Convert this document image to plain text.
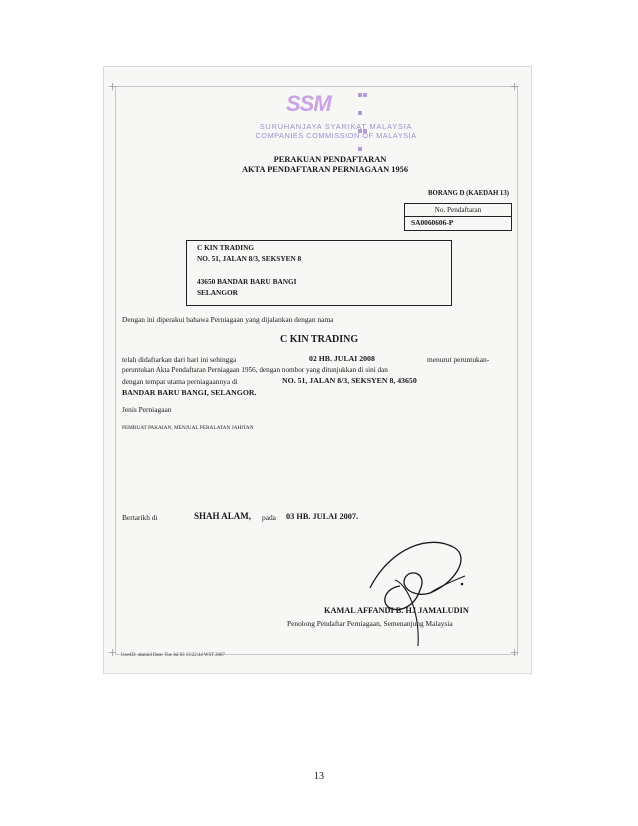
+	+
+	+
SSM

SURUHANJAYA SYARIKAT MALAYSIA
COMPANIES COMMISSION OF MALAYSIA
PERAKUAN PENDAFTARAN
AKTA PENDAFTARAN PERNIAGAAN 1956
BORANG D (KAEDAH 13)
No. Pendaftaran
SA0060606-P
C KIN TRADING
NO. 51, JALAN 8/3, SEKSYEN 8
43650 BANDAR BARU BANGI
SELANGOR
Dengan ini diperakui bahawa Perniagaan yang dijalankan dengan nama
C KIN TRADING
telah didaftarkan dari hari ini sehingga	02 HB. JULAI 2008	menurut peruntukan-
peruntukan Akta Pendaftaran Perniagaan 1956, dengan nombor yang ditunjukkan di sini dan
dengan tempat utama perniagaannya di	NO. 51, JALAN 8/3, SEKSYEN 8, 43650
BANDAR BARU BANGI, SELANGOR.
Jenis Perniagaan
PEMBUAT PAKAIAN, MENJUAL PERALATAN JAHITAN
Bertarikh di	SHAH ALAM, pada 03 HB. JULAI 2007.
KAMAL AFFANDI B. HJ JAMALUDIN
Penolong Pendaftar Perniagaan, Semenanjung Malaysia
UserID: ahamid Date: Tue Jul 03 13:22:44 WST 2007
13
